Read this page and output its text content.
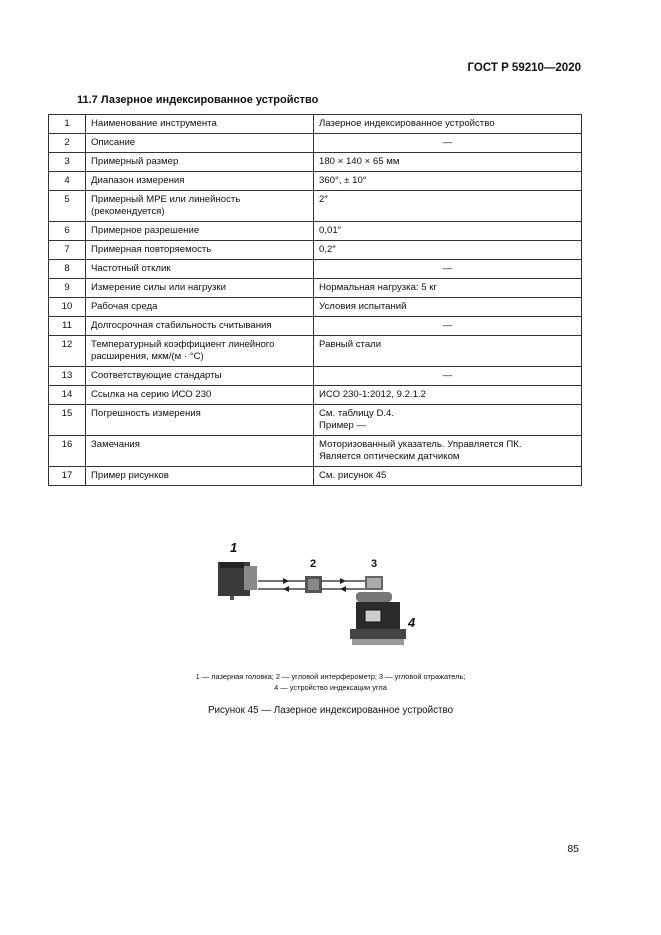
ГОСТ Р 59210—2020
11.7 Лазерное индексированное устройство
1	Наименование инструмента	Лазерное индексированное устройство
2	Описание	—
3	Примерный размер	180 × 140 × 65 мм
4	Диапазон измерения	360°, ± 10°
5	Примерный MPE или линейность (рекомендуется)	2″
6	Примерное разрешение	0,01″
7	Примерная повторяемость	0,2″
8	Частотный отклик	—
9	Измерение силы или нагрузки	Нормальная нагрузка: 5 кг
10	Рабочая среда	Условия испытаний
11	Долгосрочная стабильность считывания	—
12	Температурный коэффициент линейного расширения, мкм/(м · °С)	Равный стали
13	Соответствующие стандарты	—
14	Ссылка на серию ИСО 230	ИСО 230-1:2012, 9.2.1.2
15	Погрешность измерения	См. таблицу D.4.
Пример —

16	Замечания	Моторизованный указатель. Управляется ПК.
Является оптическим датчиком

17	Пример рисунков	См. рисунок 45
1
2	3
4
1 — лазерная головка; 2 — угловой интерферометр; 3 — угловой отражатель;
4 — устройство индексации угла
Рисунок 45 — Лазерное индексированное устройство
85
